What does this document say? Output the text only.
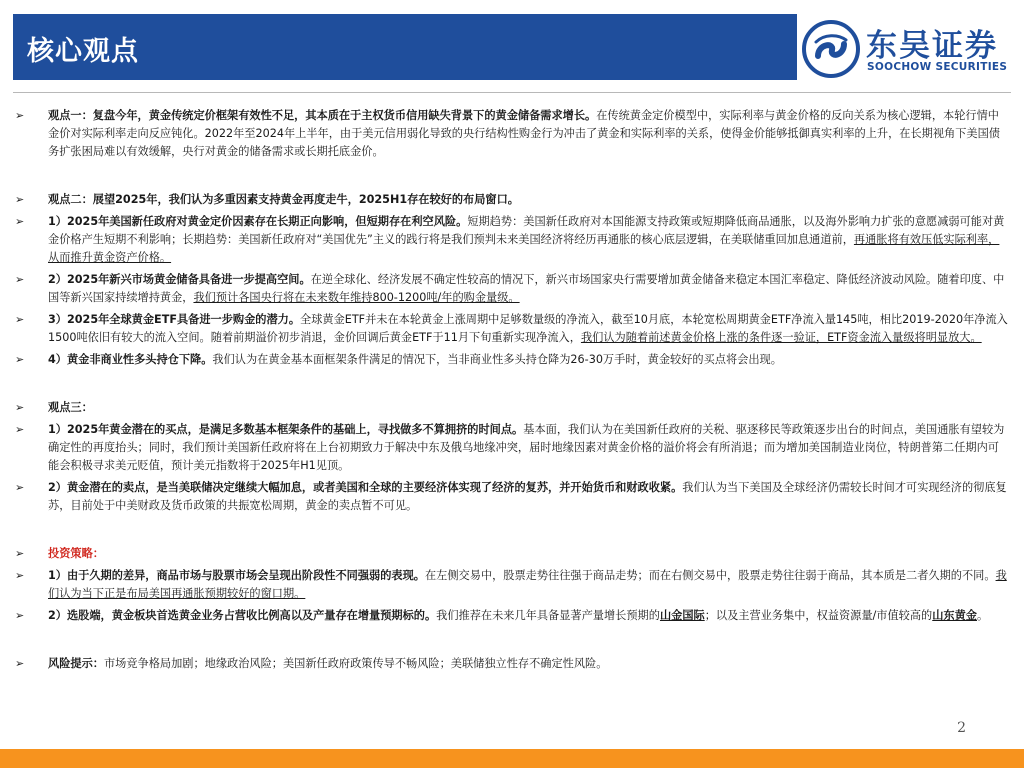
核心观点	东吴证券
SOOCHOW SECURITIES
➢ 观点一：复盘今年，黄金传统定价框架有效性不足，其本质在于主权货币信用缺失背景下的黄金储备需求增长。在传统黄金定价模型中，实际利率与黄金价格的反向关系为核心逻辑，本轮行情中金价对实际利率走向反应钝化。2022年至2024年上半年，由于美元信用弱化导致的央行结构性购金行为冲击了黄金和实际利率的关系，使得金价能够抵御真实利率的上升，在长期视角下美国债务扩张困局难以有效缓解，央行对黄金的储备需求或长期托底金价。
➢ 观点二：展望2025年，我们认为多重因素支持黄金再度走牛，2025H1存在较好的布局窗口。
➢ 1）2025年美国新任政府对黄金定价因素存在长期正向影响，但短期存在利空风险。短期趋势：美国新任政府对本国能源支持政策或短期降低商品通胀，以及海外影响力扩张的意愿减弱可能对黄金价格产生短期不利影响；长期趋势：美国新任政府对“美国优先”主义的践行将是我们预判未来美国经济将经历再通胀的核心底层逻辑，在美联储重回加息通道前，再通胀将有效压低实际利率，从而推升黄金资产价格。
➢ 2）2025年新兴市场黄金储备具备进一步提高空间。在逆全球化、经济发展不确定性较高的情况下，新兴市场国家央行需要增加黄金储备来稳定本国汇率稳定、降低经济波动风险。随着印度、中国等新兴国家持续增持黄金，我们预计各国央行将在未来数年维持800-1200吨/年的购金量级。
➢ 3）2025年全球黄金ETF具备进一步购金的潜力。全球黄金ETF并未在本轮黄金上涨周期中足够数量级的净流入，截至10月底，本轮宽松周期黄金ETF净流入量145吨，相比2019-2020年净流入1500吨依旧有较大的流入空间。随着前期溢价初步消退，金价回调后黄金ETF于11月下旬重新实现净流入，我们认为随着前述黄金价格上涨的条件逐一验证，ETF资金流入量级将明显放大。
➢ 4）黄金非商业性多头持仓下降。我们认为在黄金基本面框架条件满足的情况下，当非商业性多头持仓降为26-30万手时，黄金较好的买点将会出现。
➢ 观点三：
➢ 1）2025年黄金潜在的买点，是满足多数基本框架条件的基础上，寻找做多不算拥挤的时间点。基本面，我们认为在美国新任政府的关税、驱逐移民等政策逐步出台的时间点，美国通胀有望较为确定性的再度抬头；同时，我们预计美国新任政府将在上台初期致力于解决中东及俄乌地缘冲突，届时地缘因素对黄金价格的溢价将会有所消退；而为增加美国制造业岗位，特朗普第二任期内可能会积极寻求美元贬值，预计美元指数将于2025年H1见顶。
➢ 2）黄金潜在的卖点，是当美联储决定继续大幅加息，或者美国和全球的主要经济体实现了经济的复苏，并开始货币和财政收紧。我们认为当下美国及全球经济仍需较长时间才可实现经济的彻底复苏，目前处于中美财政及货币政策的共振宽松周期，黄金的卖点暂不可见。
➢ 投资策略：
➢ 1）由于久期的差异，商品市场与股票市场会呈现出阶段性不同强弱的表现。在左侧交易中，股票走势往往强于商品走势；而在右侧交易中，股票走势往往弱于商品，其本质是二者久期的不同。我们认为当下正是布局美国再通胀预期较好的窗口期。
➢ 2）选股端，黄金板块首选黄金业务占营收比例高以及产量存在增量预期标的。我们推荐在未来几年具备显著产量增长预期的山金国际；以及主营业务集中，权益资源量/市值较高的山东黄金。
➢ 风险提示：市场竞争格局加剧；地缘政治风险；美国新任政府政策传导不畅风险；美联储独立性存不确定性风险。
2
